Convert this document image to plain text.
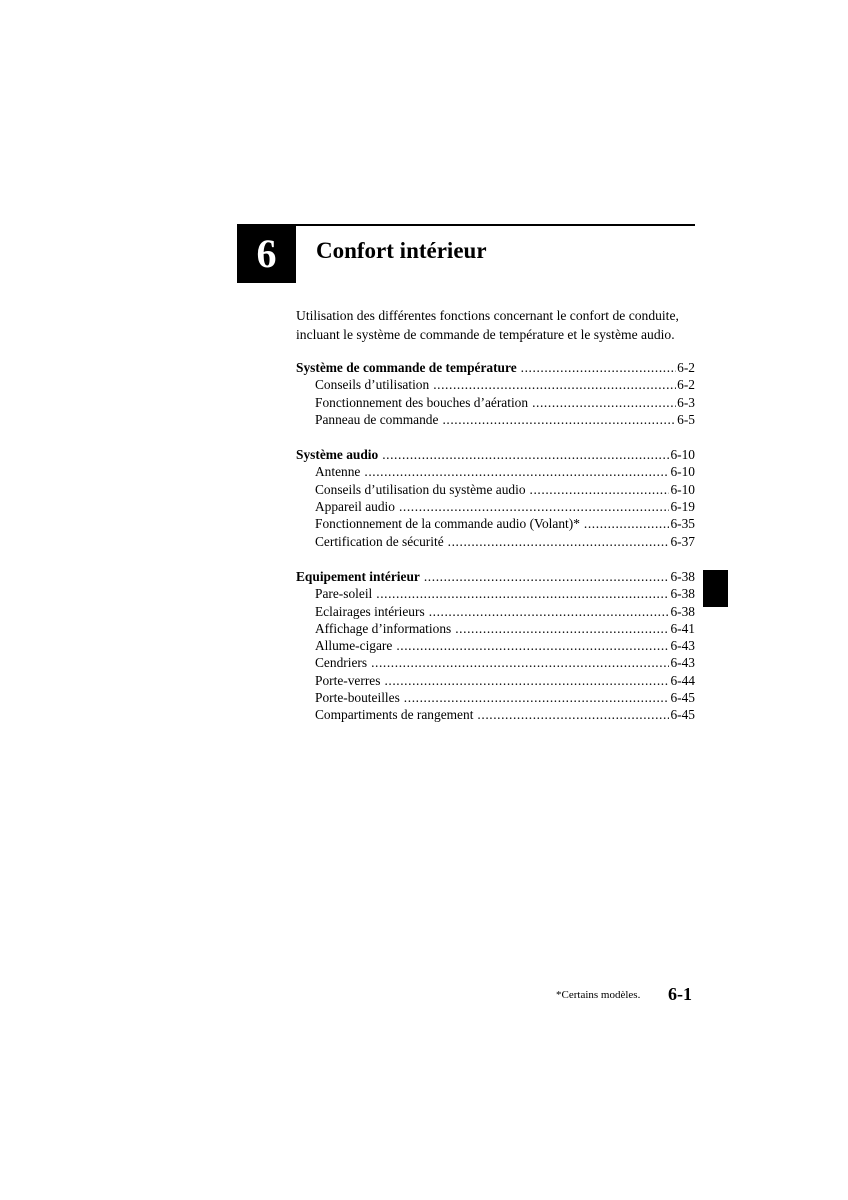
6 Confort intérieur
Utilisation des différentes fonctions concernant le confort de conduite,
incluant le système de commande de température et le système audio.
Système de commande de température .....	6-2
Conseils d’utilisation .....	6-2
Fonctionnement des bouches d’aération .....	6-3
Panneau de commande .....	6-5
Système audio .....	6-10
Antenne .....	6-10
Conseils d’utilisation du système audio .....	6-10
Appareil audio .....	6-19
Fonctionnement de la commande audio (Volant)* .....	6-35
Certification de sécurité .....	6-37
Equipement intérieur .....	6-38
Pare-soleil .....	6-38
Eclairages intérieurs .....	6-38
Affichage d’informations .....	6-41
Allume-cigare .....	6-43
Cendriers .....	6-43
Porte-verres .....	6-44
Porte-bouteilles .....	6-45
Compartiments de rangement .....	6-45
*Certains modèles. 6-1
